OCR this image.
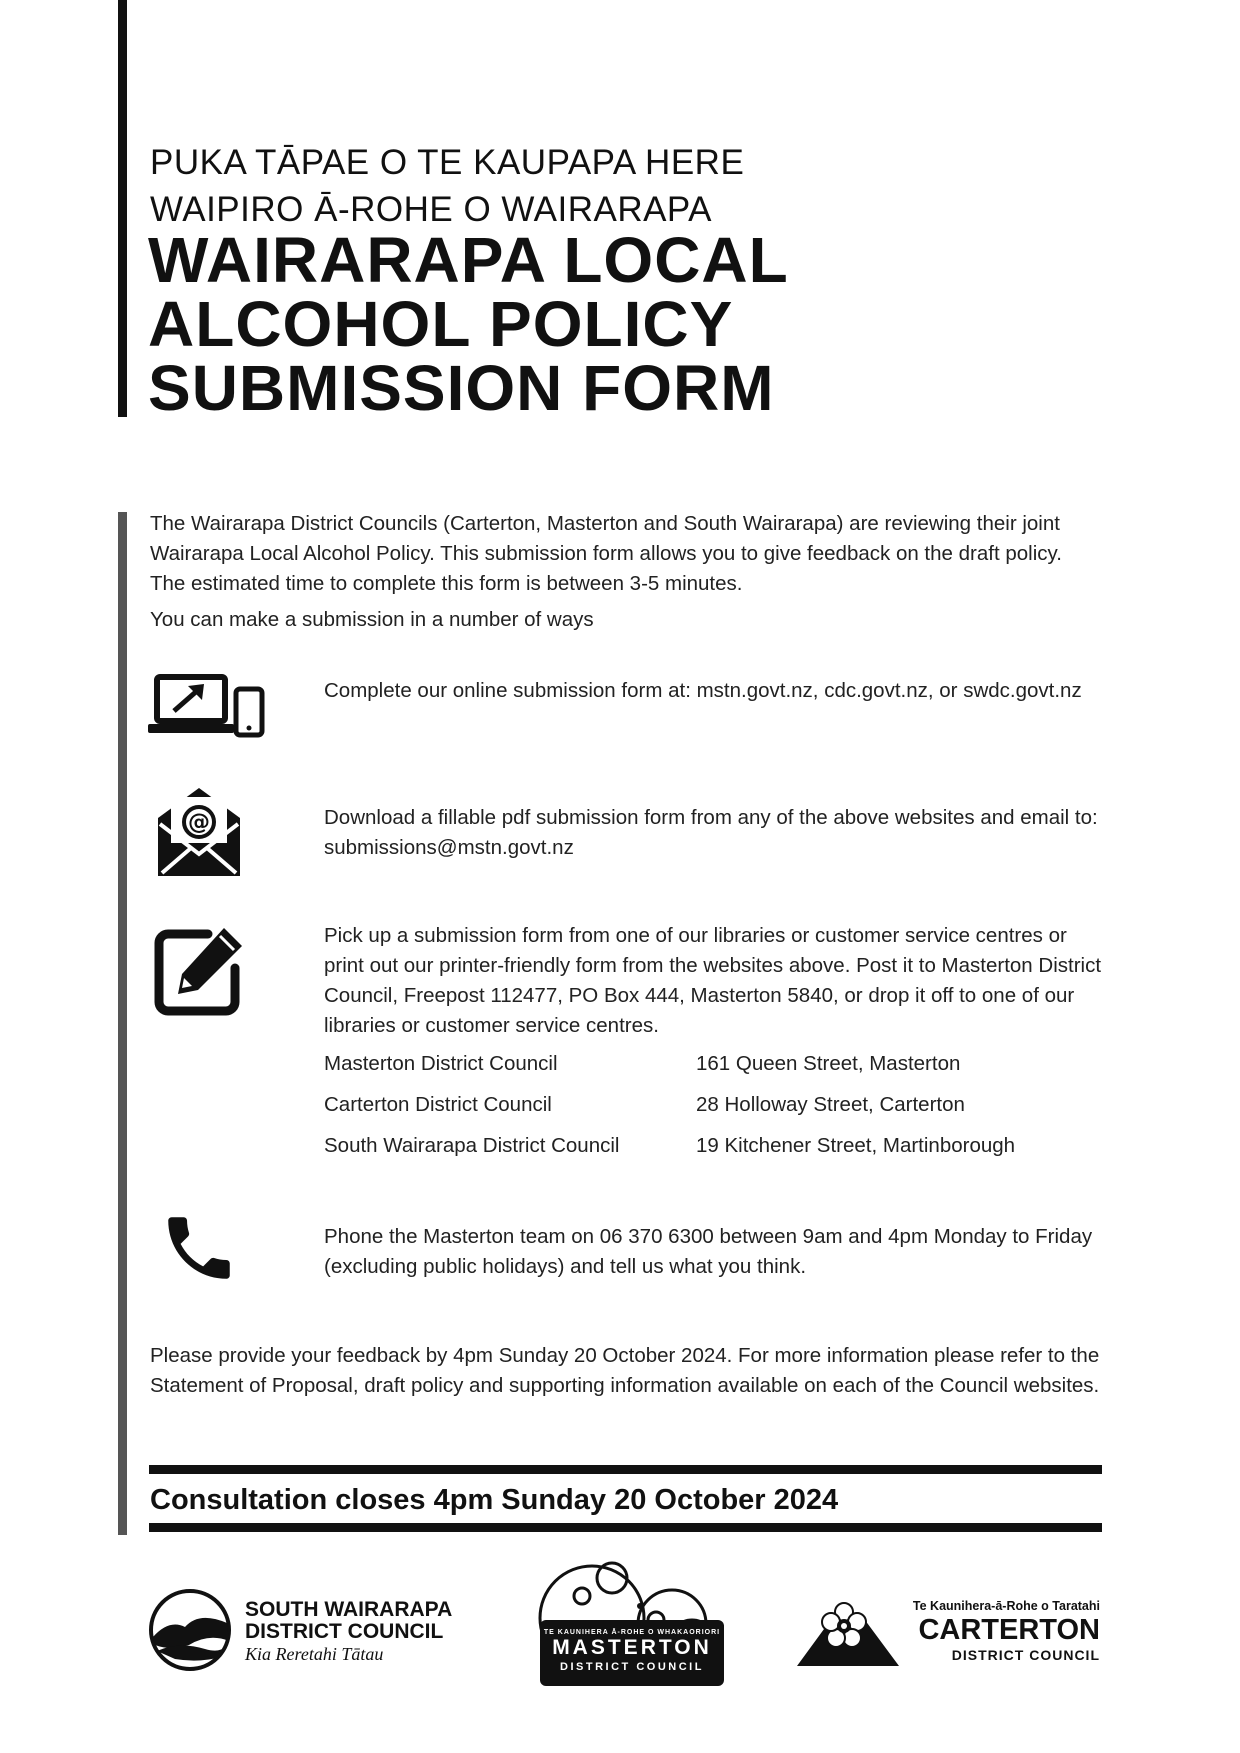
PUKA TĀPAE O TE KAUPAPA HERE
WAIPIRO Ā-ROHE O WAIRARAPA
WAIRARAPA LOCAL
ALCOHOL POLICY
SUBMISSION FORM
The Wairarapa District Councils (Carterton, Masterton and South Wairarapa) are reviewing their joint Wairarapa Local Alcohol Policy. This submission form allows you to give feedback on the draft policy. The estimated time to complete this form is between 3-5 minutes.
You can make a submission in a number of ways
Complete our online submission form at: mstn.govt.nz, cdc.govt.nz, or swdc.govt.nz
@	Download a fillable pdf submission form from any of the above websites and email to: submissions@mstn.govt.nz
Pick up a submission form from one of our libraries or customer service centres or print out our printer-friendly form from the websites above. Post it to Masterton District Council, Freepost 112477, PO Box 444, Masterton 5840, or drop it off to one of our libraries or customer service centres.
Masterton District Council	161 Queen Street, Masterton
Carterton District Council	28 Holloway Street, Carterton
South Wairarapa District Council	19 Kitchener Street, Martinborough
Phone the Masterton team on 06 370 6300 between 9am and 4pm Monday to Friday (excluding public holidays) and tell us what you think.
Please provide your feedback by 4pm Sunday 20 October 2024. For more information please refer to the Statement of Proposal, draft policy and supporting information available on each of the Council websites.
Consultation closes 4pm Sunday 20 October 2024
SOUTH WAIRARAPA
DISTRICT COUNCIL
Kia Reretahi Tātau
TE KAUNIHERA Ā-ROHE O WHAKAORIORI
MASTERTON
DISTRICT COUNCIL
Te Kaunihera-ā-Rohe o Taratahi
CARTERTON
DISTRICT COUNCIL
